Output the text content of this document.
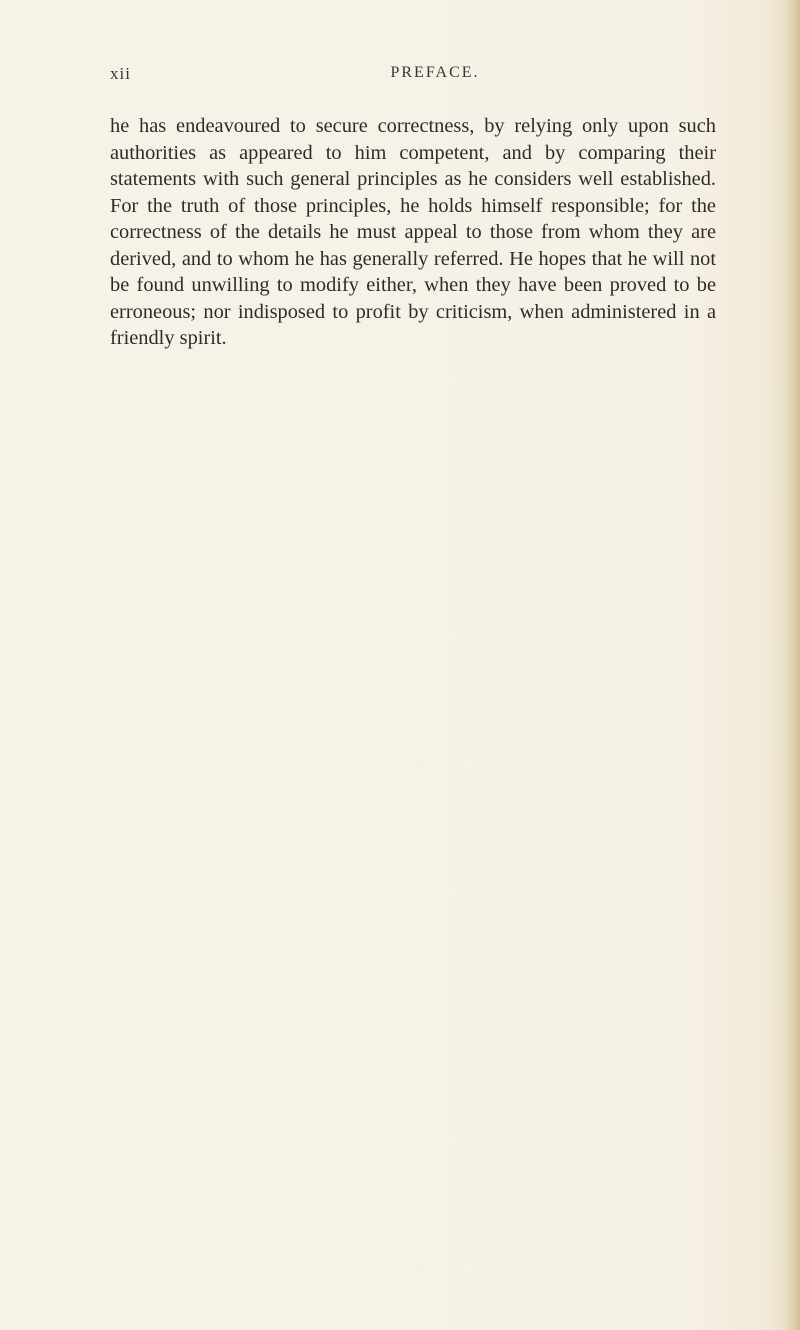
xii	PREFACE.

he has endeavoured to secure correctness, by relying only upon such authorities as appeared to him competent, and by comparing their statements with such general principles as he considers well established. For the truth of those principles, he holds himself responsible; for the correctness of the details he must appeal to those from whom they are derived, and to whom he has generally referred. He hopes that he will not be found unwilling to modify either, when they have been proved to be erroneous; nor indisposed to profit by criticism, when administered in a friendly spirit.
